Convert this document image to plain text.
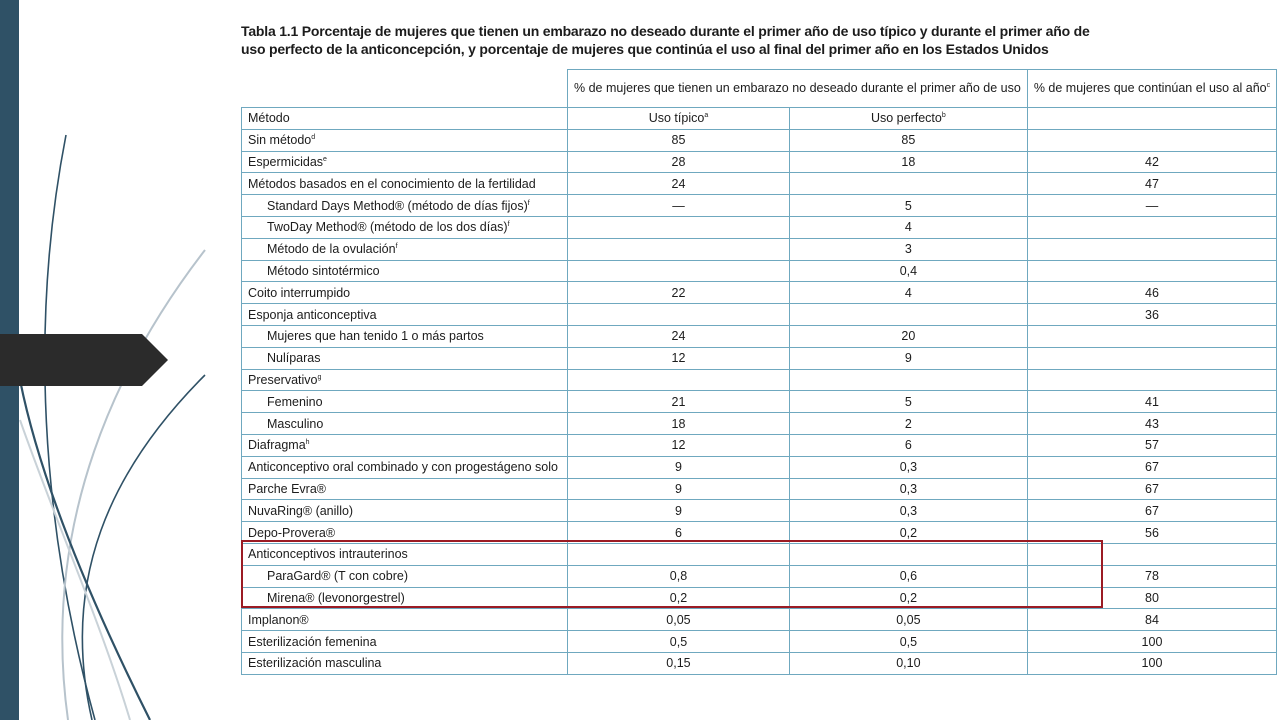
Tabla 1.1 Porcentaje de mujeres que tienen un embarazo no deseado durante el primer año de uso típico y durante el primer año de uso perfecto de la anticoncepción, y porcentaje de mujeres que continúa el uso al final del primer año en los Estados Unidos
	% de mujeres que tienen un embarazo no deseado durante el primer año de uso		% de mujeres que continúan el uso al año$^c$
Método	Uso típico$^a$	Uso perfecto$^b$	
Sin método$^d$	85	85	
Espermicidas$^e$	28	18	42
Métodos basados en el conocimiento de la fertilidad	24		47
Standard Days Method® (método de días fijos)$^f$	—	5	—
TwoDay Method® (método de los dos días)$^f$		4	
Método de la ovulación$^f$		3	
Método sintotérmico		0,4	
Coito interrumpido	22	4	46
Esponja anticonceptiva			36
Mujeres que han tenido 1 o más partos	24	20	
Nulíparas	12	9	
Preservativo$^g$			
Femenino	21	5	41
Masculino	18	2	43
Diafragma$^h$	12	6	57
Anticonceptivo oral combinado y con progestágeno solo	9	0,3	67
Parche Evra®	9	0,3	67
NuvaRing® (anillo)	9	0,3	67
Depo-Provera®	6	0,2	56
Anticonceptivos intrauterinos			
ParaGard® (T con cobre)	0,8	0,6	78
Mirena® (levonorgestrel)	0,2	0,2	80
Implanon®	0,05	0,05	84
Esterilización femenina	0,5	0,5	100
Esterilización masculina	0,15	0,10	100
